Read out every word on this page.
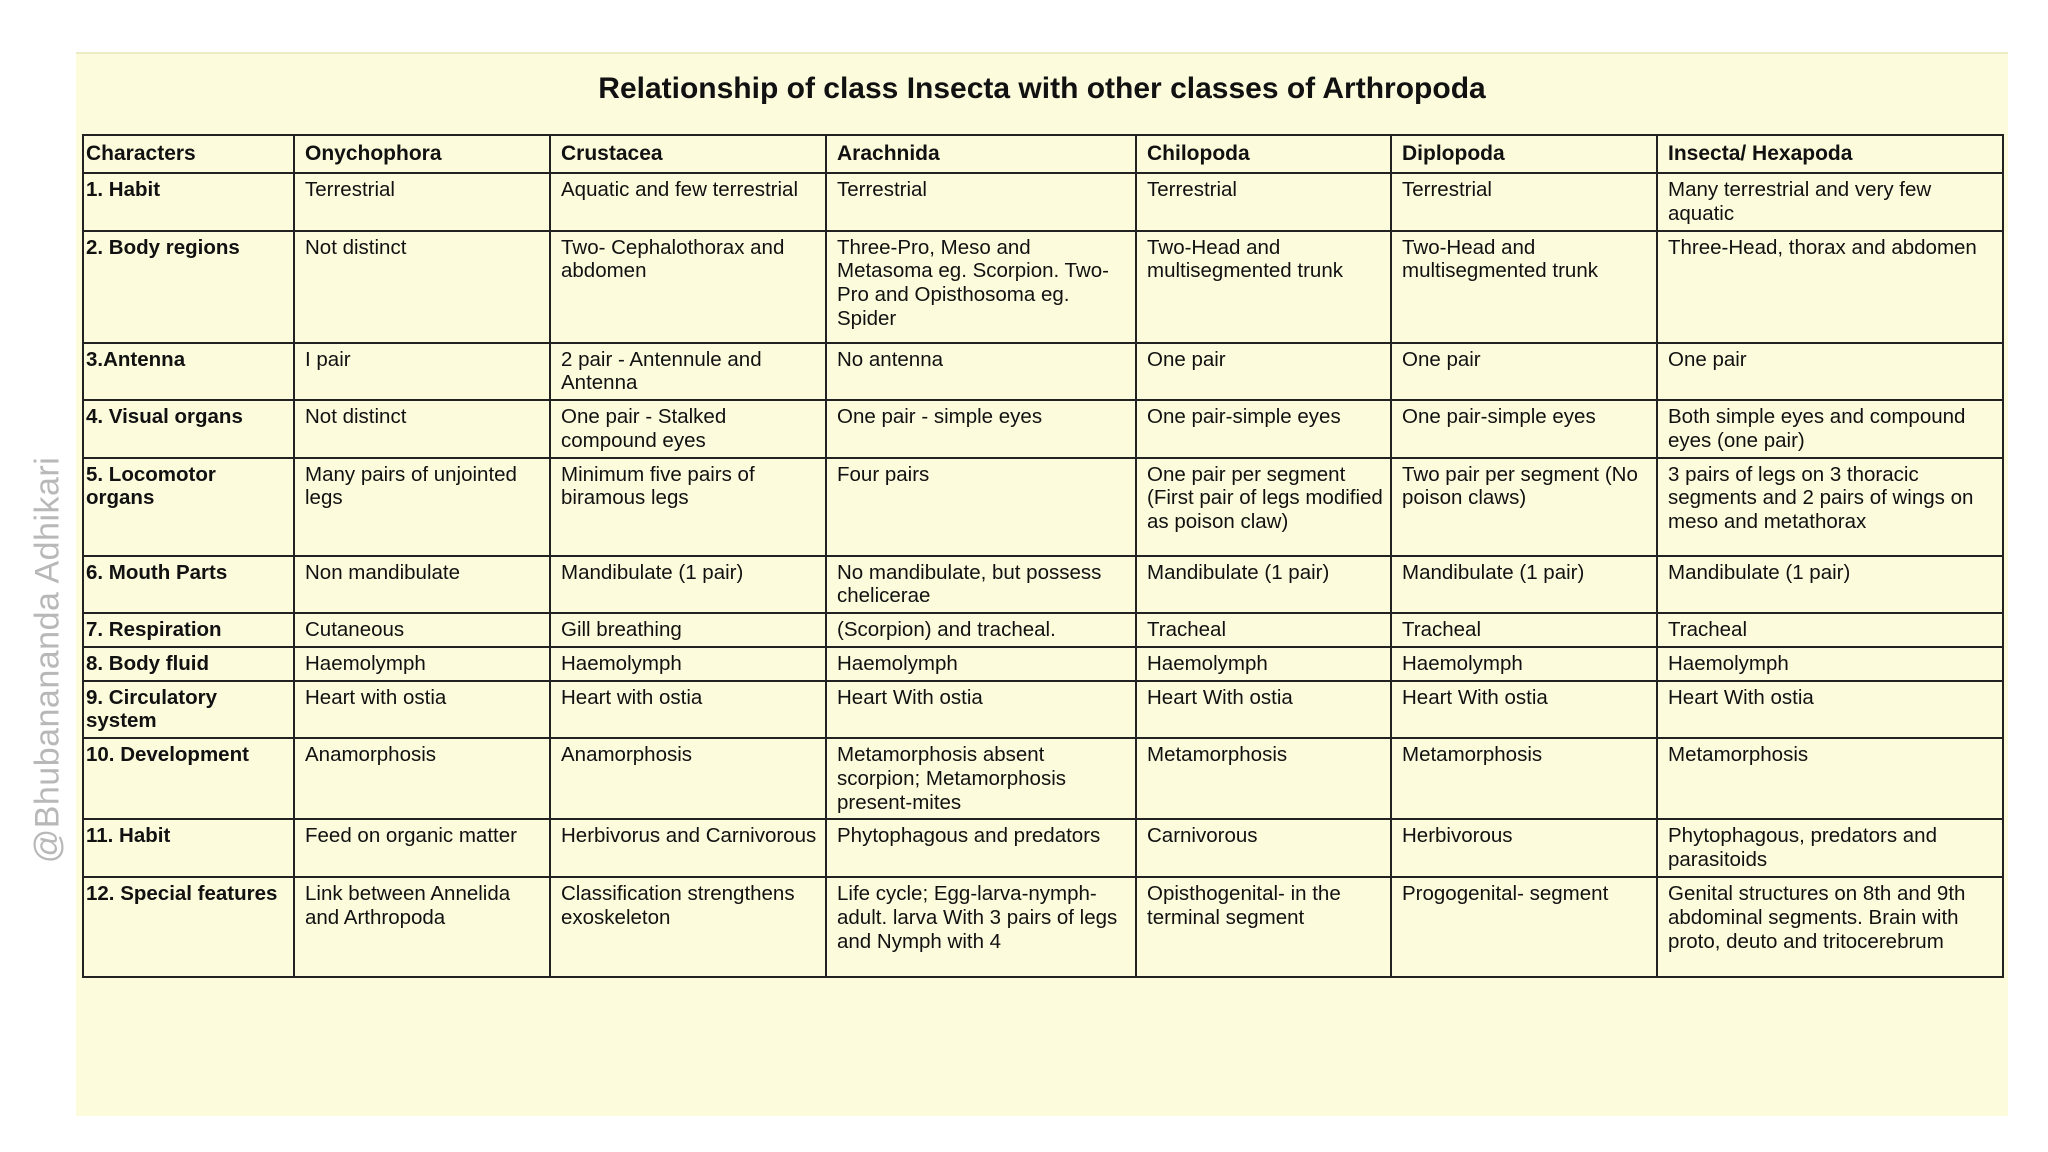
@Bhubanananda Adhikari
Relationship of class Insecta with other classes of Arthropoda
Characters	Onychophora	Crustacea	Arachnida	Chilopoda	Diplopoda	Insecta/ Hexapoda
1. Habit	Terrestrial	Aquatic and few terrestrial	Terrestrial	Terrestrial	Terrestrial	Many terrestrial and very few aquatic
2. Body regions	Not distinct	Two- Cephalothorax and abdomen	Three-Pro, Meso and Metasoma eg. Scorpion. Two-Pro and Opisthosoma eg. Spider	Two-Head and multisegmented trunk	Two-Head and multisegmented trunk	Three-Head, thorax and abdomen
3.Antenna	I pair	2 pair - Antennule and Antenna	No antenna	One pair	One pair	One pair
4. Visual organs	Not distinct	One pair - Stalked compound eyes	One pair - simple eyes	One pair-simple eyes	One pair-simple eyes	Both simple eyes and compound eyes (one pair)
5. Locomotor organs	Many pairs of unjointed legs	Minimum five pairs of biramous legs	Four pairs	One pair per segment (First pair of legs modified as poison claw)	Two pair per segment (No poison claws)	3 pairs of legs on 3 thoracic segments and 2 pairs of wings on meso and metathorax
6. Mouth Parts	Non mandibulate	Mandibulate (1 pair)	No mandibulate, but possess chelicerae	Mandibulate (1 pair)	Mandibulate (1 pair)	Mandibulate (1 pair)
7. Respiration	Cutaneous	Gill breathing	(Scorpion) and tracheal.	Tracheal	Tracheal	Tracheal
8. Body fluid	Haemolymph	Haemolymph	Haemolymph	Haemolymph	Haemolymph	Haemolymph
9. Circulatory system	Heart with ostia	Heart with ostia	Heart With ostia	Heart With ostia	Heart With ostia	Heart With ostia
10. Development	Anamorphosis	Anamorphosis	Metamorphosis absent scorpion; Metamorphosis present-mites	Metamorphosis	Metamorphosis	Metamorphosis
11. Habit	Feed on organic matter	Herbivorus and Carnivorous	Phytophagous and predators	Carnivorous	Herbivorous	Phytophagous, predators and parasitoids
12. Special features	Link between Annelida and Arthropoda	Classification strengthens exoskeleton	Life cycle; Egg-larva-nymph-adult. larva With 3 pairs of legs and Nymph with 4	Opisthogenital- in the terminal segment	Progogenital- segment	Genital structures on 8th and 9th abdominal segments. Brain with proto, deuto and tritocerebrum
